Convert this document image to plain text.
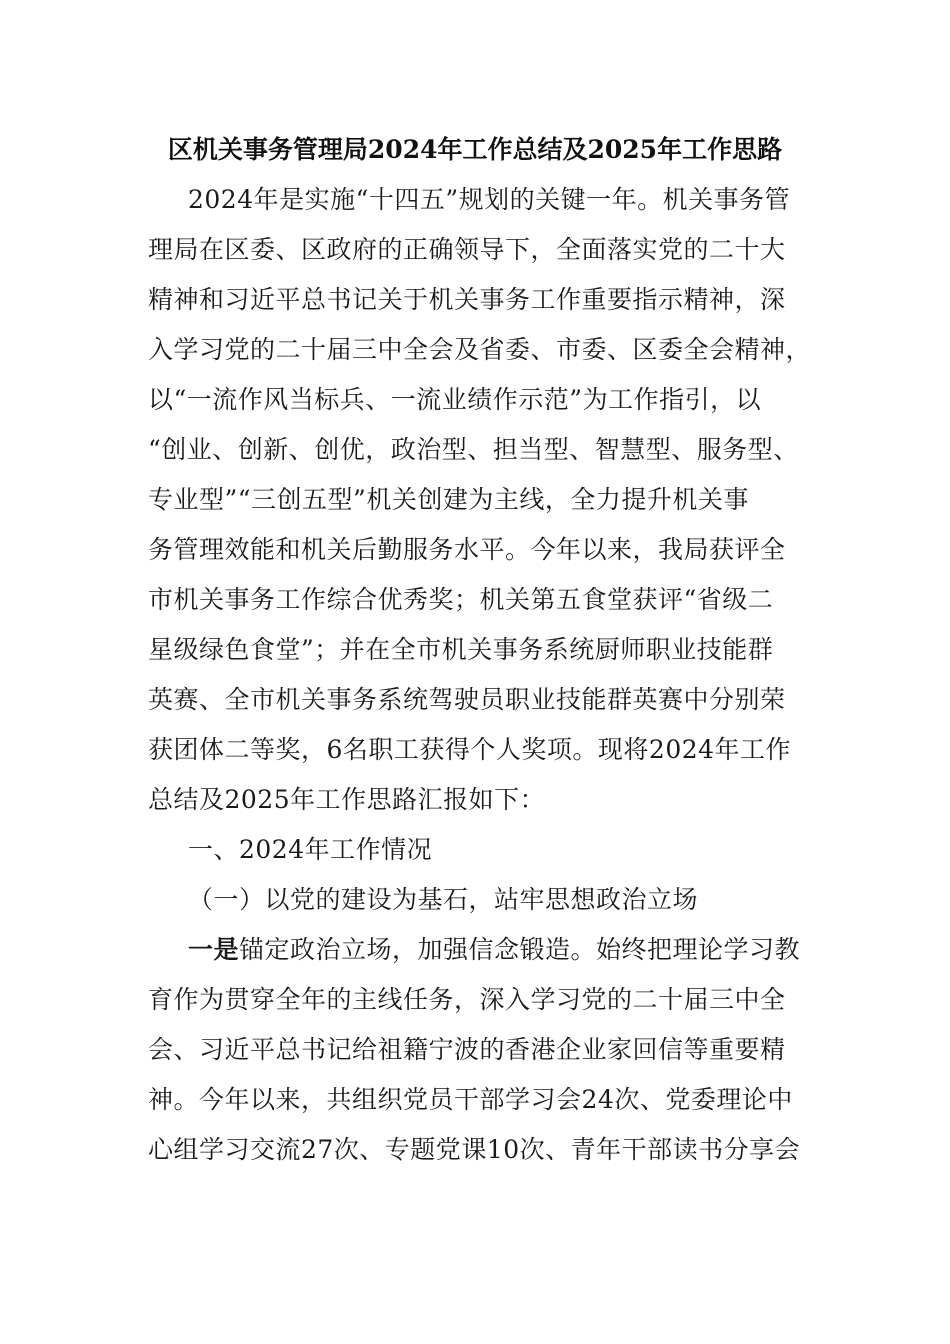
区机关事务管理局2024年工作总结及2025年工作思路
2024年是实施“十四五”规划的关键一年。机关事务管
理局在区委、区政府的正确领导下，全面落实党的二十大
精神和习近平总书记关于机关事务工作重要指示精神，深
入学习党的二十届三中全会及省委、市委、区委全会精神，
以“一流作风当标兵、一流业绩作示范”为工作指引，以
“创业、创新、创优，政治型、担当型、智慧型、服务型、
专业型”“三创五型”机关创建为主线，全力提升机关事
务管理效能和机关后勤服务水平。今年以来，我局获评全
市机关事务工作综合优秀奖；机关第五食堂获评“省级二
星级绿色食堂”；并在全市机关事务系统厨师职业技能群
英赛、全市机关事务系统驾驶员职业技能群英赛中分别荣
获团体二等奖，6名职工获得个人奖项。现将2024年工作
总结及2025年工作思路汇报如下：
一、2024年工作情况
（一）以党的建设为基石，站牢思想政治立场
一是锚定政治立场，加强信念锻造。始终把理论学习教
育作为贯穿全年的主线任务，深入学习党的二十届三中全
会、习近平总书记给祖籍宁波的香港企业家回信等重要精
神。今年以来，共组织党员干部学习会24次、党委理论中
心组学习交流27次、专题党课10次、青年干部读书分享会
